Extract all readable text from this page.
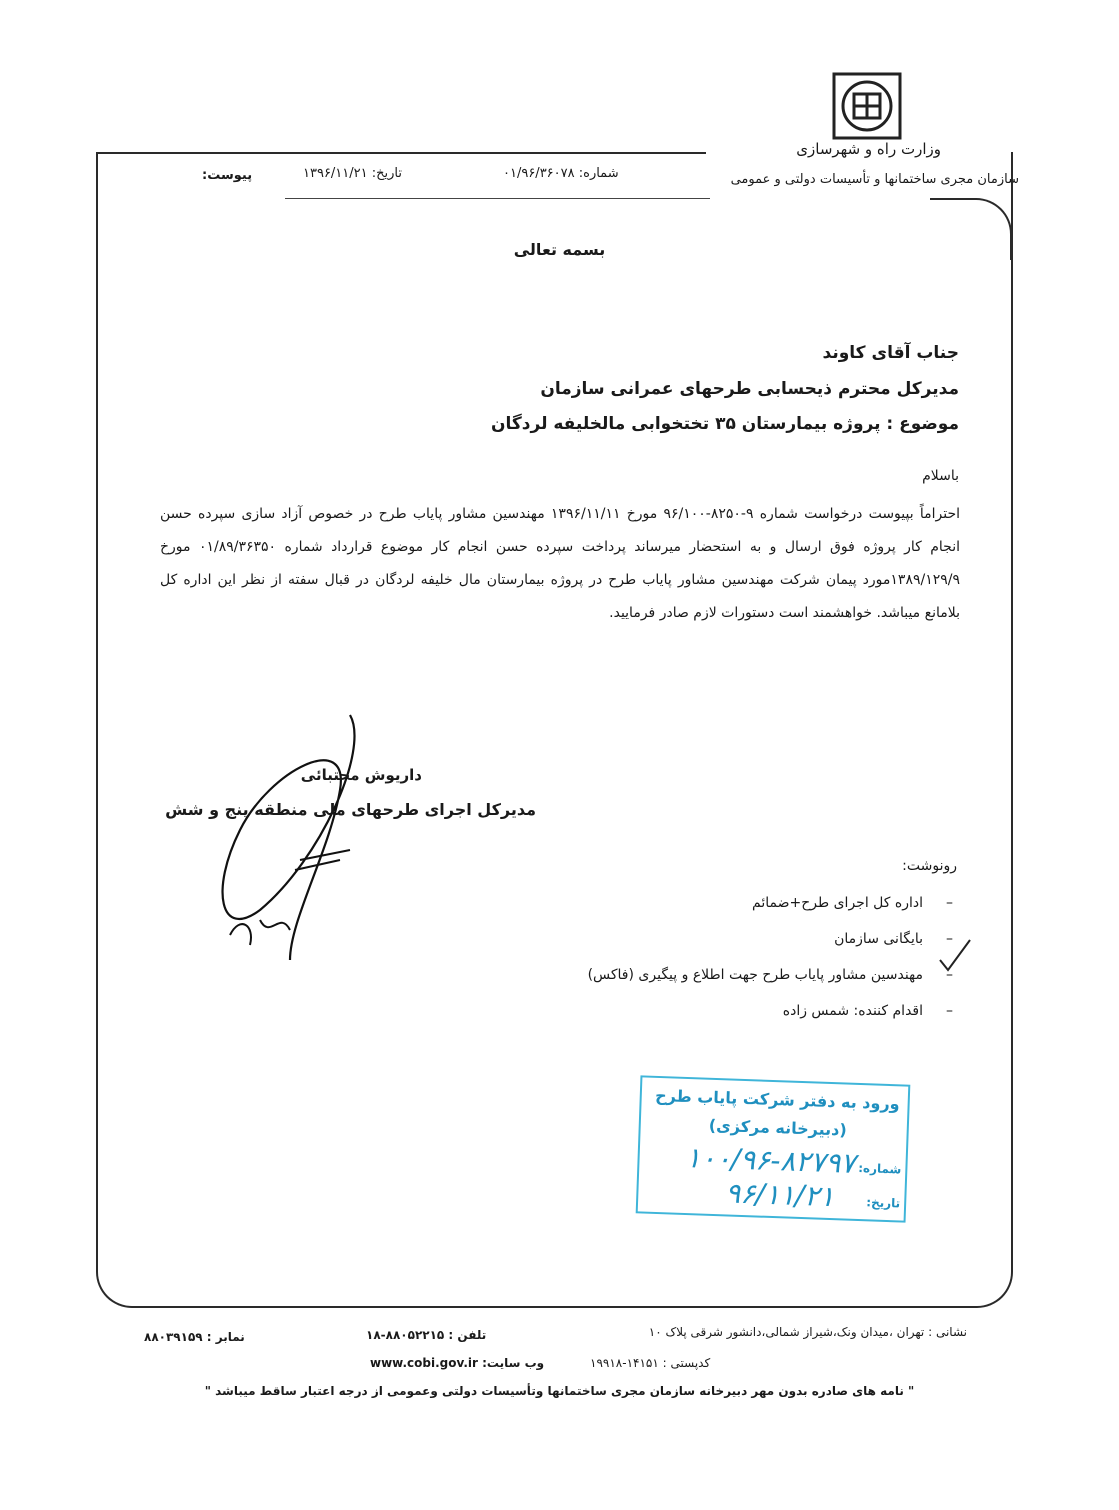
وزارت راه و شهرسازی
سازمان مجری ساختمانها و تأسیسات دولتی و عمومی
شماره: ۰۱/۹۶/۳۶۰۷۸
تاریخ: ۱۳۹۶/۱۱/۲۱
پیوست:
بسمه تعالی
جناب آقای کاوند
مدیرکل محترم ذیحسابی طرحهای عمرانی سازمان
موضوع : پروژه بیمارستان ۳۵ تختخوابی مالخلیفه لردگان
باسلام
احتراماً بپیوست درخواست شماره ۹-۸۲۵۰-۹۶/۱۰۰ مورخ ۱۳۹۶/۱۱/۱۱ مهندسین مشاور پایاب طرح در خصوص آزاد سازی سپرده حسن انجام کار پروژه فوق ارسال و به استحضار میرساند پرداخت سپرده حسن انجام کار موضوع قرارداد شماره ۰۱/۸۹/۳۶۳۵۰ مورخ ۱۳۸۹/۱۲۹/۹مورد پیمان شرکت مهندسین مشاور پایاب طرح در پروژه بیمارستان مال خلیفه لردگان در قبال سفته از نظر این اداره کل بلامانع میباشد. خواهشمند است دستورات لازم صادر فرمایید.
داریوش مجتبائی
مدیرکل اجرای طرحهای ملی منطقه پنج و شش
رونوشت:
–
اداره کل اجرای طرح+ضمائم
–
بایگانی سازمان
–
مهندسین مشاور پایاب طرح جهت اطلاع و پیگیری (فاکس)
–
اقدام کننده: شمس زاده
ورود به دفتر شرکت پایاب طرح
(دبیرخانه مرکزی)
شماره:
۱۰۰/۹۶-۸۲۷۹۷
تاریخ:
۹۶/۱۱/۲۱
نشانی : تهران ،میدان ونک،شیراز شمالی،دانشور شرقی پلاک ۱۰
تلفن : ۸۸۰۵۲۲۱۵-۱۸
نمابر : ۸۸۰۳۹۱۵۹
کدپستی : ۱۴۱۵۱-۱۹۹۱۸
وب سایت: www.cobi.gov.ir
" نامه های صادره بدون مهر دبیرخانه سازمان مجری ساختمانها وتأسیسات دولتی وعمومی از درجه اعتبار ساقط میباشد "
